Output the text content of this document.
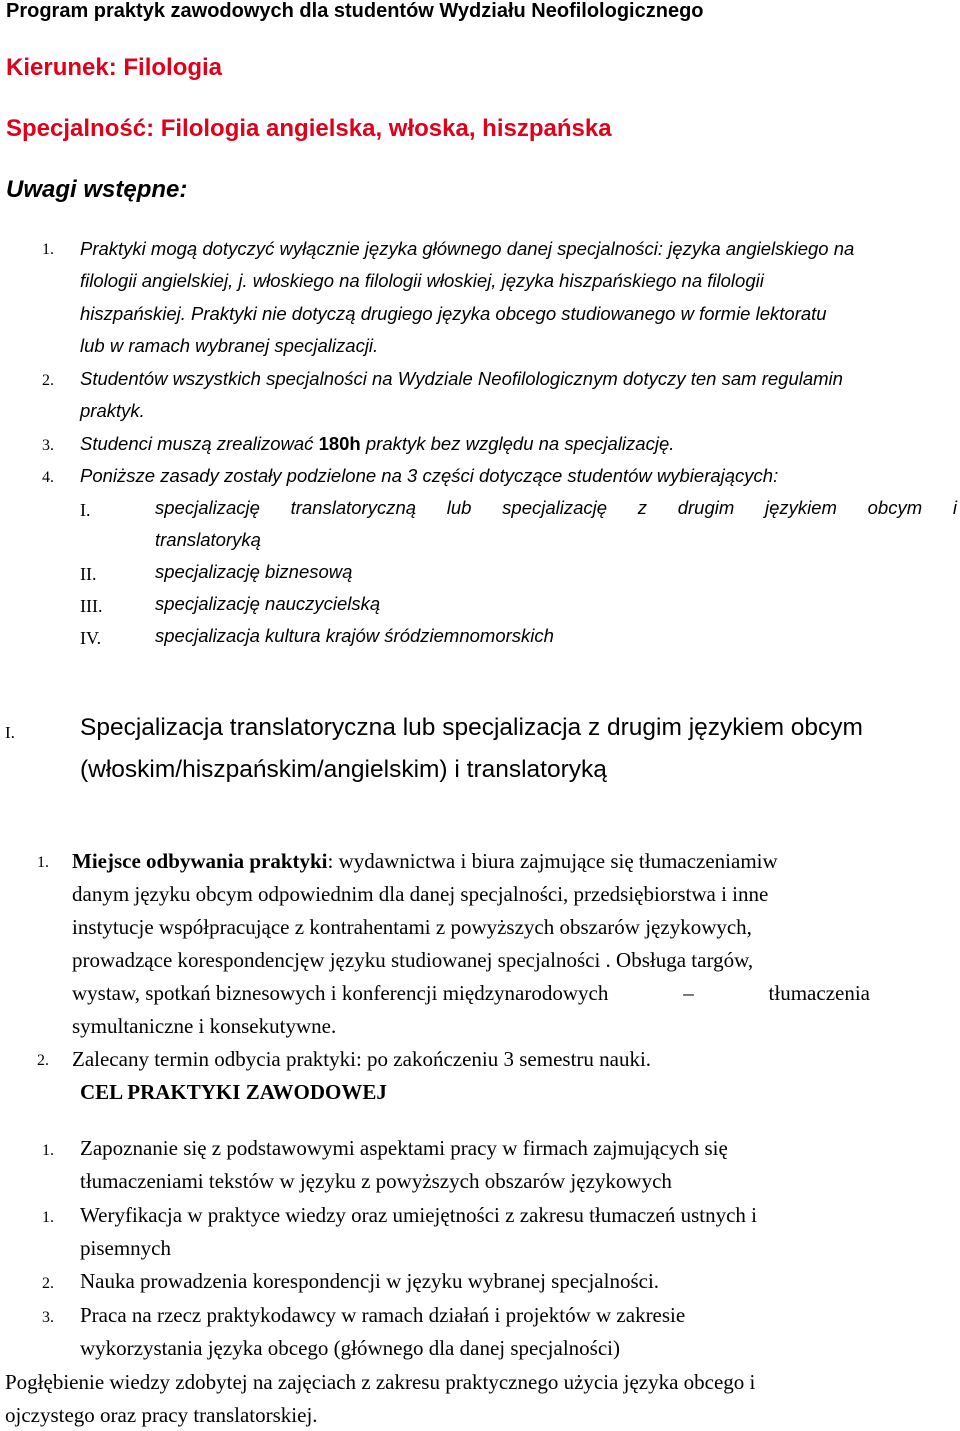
Program praktyk zawodowych dla studentów Wydziału Neofilologicznego
Kierunek: Filologia
Specjalność: Filologia angielska, włoska, hiszpańska
Uwagi wstępne:
1. Praktyki mogą dotyczyć wyłącznie języka głównego danej specjalności: języka angielskiego na
filologii angielskiej, j. włoskiego na filologii włoskiej, języka hiszpańskiego na filologii
hiszpańskiej. Praktyki nie dotyczą drugiego języka obcego studiowanego w formie lektoratu
lub w ramach wybranej specjalizacji.
2. Studentów wszystkich specjalności na Wydziale Neofilologicznym dotyczy ten sam regulamin
praktyk.
3. Studenci muszą zrealizować 180h praktyk bez względu na specjalizację.
4. Poniższe zasady zostały podzielone na 3 części dotyczące studentów wybierających:
I.	specjalizację translatoryczną lub specjalizację z drugim językiem obcym i
translatoryką
II.	specjalizację biznesową
III.	specjalizację nauczycielską
IV.	specjalizacja kultura krajów śródziemnomorskich
I.	Specjalizacja translatoryczna lub specjalizacja z drugim językiem obcym
(włoskim/hiszpańskim/angielskim) i translatoryką
1. Miejsce odbywania praktyki: wydawnictwa i biura zajmujące się tłumaczeniamiw
danym języku obcym odpowiednim dla danej specjalności, przedsiębiorstwa i inne
instytucje współpracujące z kontrahentami z powyższych obszarów językowych,
prowadzące korespondencjęw języku studiowanej specjalności . Obsługa targów,
wystaw, spotkań biznesowych i konferencji międzynarodowych	–	tłumaczenia
symultaniczne i konsekutywne.
2. Zalecany termin odbycia praktyki: po zakończeniu 3 semestru nauki.
CEL PRAKTYKI ZAWODOWEJ
1. Zapoznanie się z podstawowymi aspektami pracy w firmach zajmujących się
tłumaczeniami tekstów w języku z powyższych obszarów językowych
1. Weryfikacja w praktyce wiedzy oraz umiejętności z zakresu tłumaczeń ustnych i
pisemnych
2. Nauka prowadzenia korespondencji w języku wybranej specjalności.
3. Praca na rzecz praktykodawcy w ramach działań i projektów w zakresie
wykorzystania języka obcego (głównego dla danej specjalności)
Pogłębienie wiedzy zdobytej na zajęciach z zakresu praktycznego użycia języka obcego i
ojczystego oraz pracy translatorskiej.
